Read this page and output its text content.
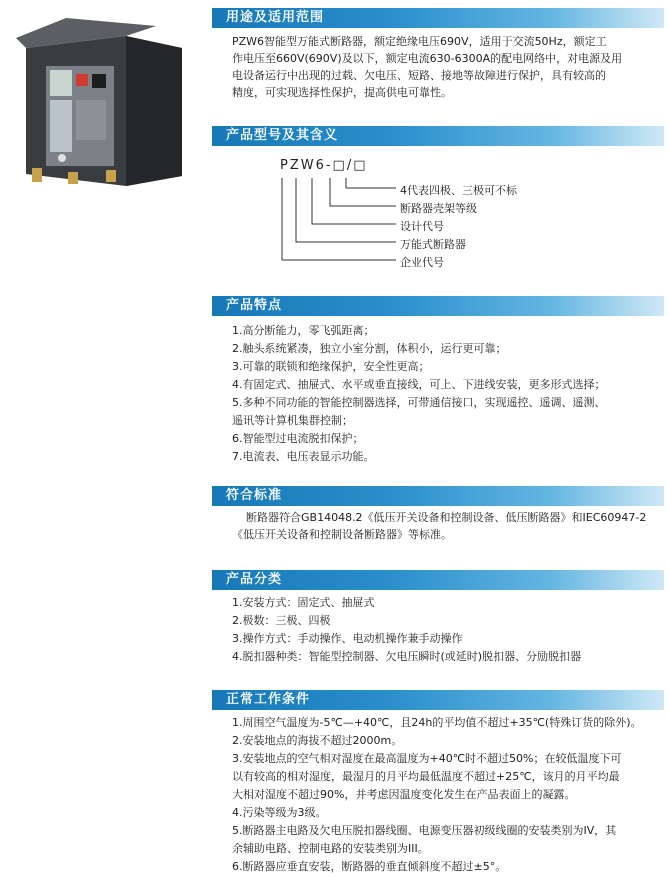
用途及适用范围

PZW6智能型万能式断路器，额定绝缘电压690V，适用于交流50Hz，额定工

作电压至660V(690V)及以下，额定电流630-6300A的配电网络中，对电源及用

电设备运行中出现的过载、欠电压、短路、接地等故障进行保护，具有较高的

精度，可实现选择性保护，提高供电可靠性。

产品型号及其含义
PZW6-□/□
4代表四极、三极可不标
断路器壳架等级
设计代号
万能式断路器
企业代号
产品特点
1.高分断能力，零飞弧距离；
2.触头系统紧凑，独立小室分割，体积小，运行更可靠；
3.可靠的联锁和绝缘保护，安全性更高；
4.有固定式、抽屉式、水平或垂直接线，可上、下进线安装，更多形式选择；
5.多种不同功能的智能控制器选择，可带通信接口，实现遥控、遥调、遥测、
遥讯等计算机集群控制；
6.智能型过电流脱扣保护；
7.电流表、电压表显示功能。
符合标准

断路器符合GB14048.2《低压开关设备和控制设备、低压断路器》和IEC60947-2

《低压开关设备和控制设备断路器》等标准。

产品分类
1.安装方式：固定式、抽屉式
2.极数：三极、四极
3.操作方式：手动操作、电动机操作兼手动操作
4.脱扣器种类：智能型控制器、欠电压瞬时(或延时)脱扣器、分励脱扣器
正常工作条件
1.周围空气温度为-5℃—+40℃，且24h的平均值不超过+35℃(特殊订货的除外)。
2.安装地点的海拔不超过2000m。
3.安装地点的空气相对湿度在最高温度为+40℃时不超过50%；在较低温度下可
以有较高的相对湿度，最湿月的月平均最低温度不超过+25℃，该月的月平均最
大相对湿度不超过90%，并考虑因温度变化发生在产品表面上的凝露。
4.污染等级为3级。
5.断路器主电路及欠电压脱扣器线圈、电源变压器初级线圈的安装类别为IV，其
余辅助电路、控制电路的安装类别为III。
6.断路器应垂直安装，断路器的垂直倾斜度不超过±5°。
